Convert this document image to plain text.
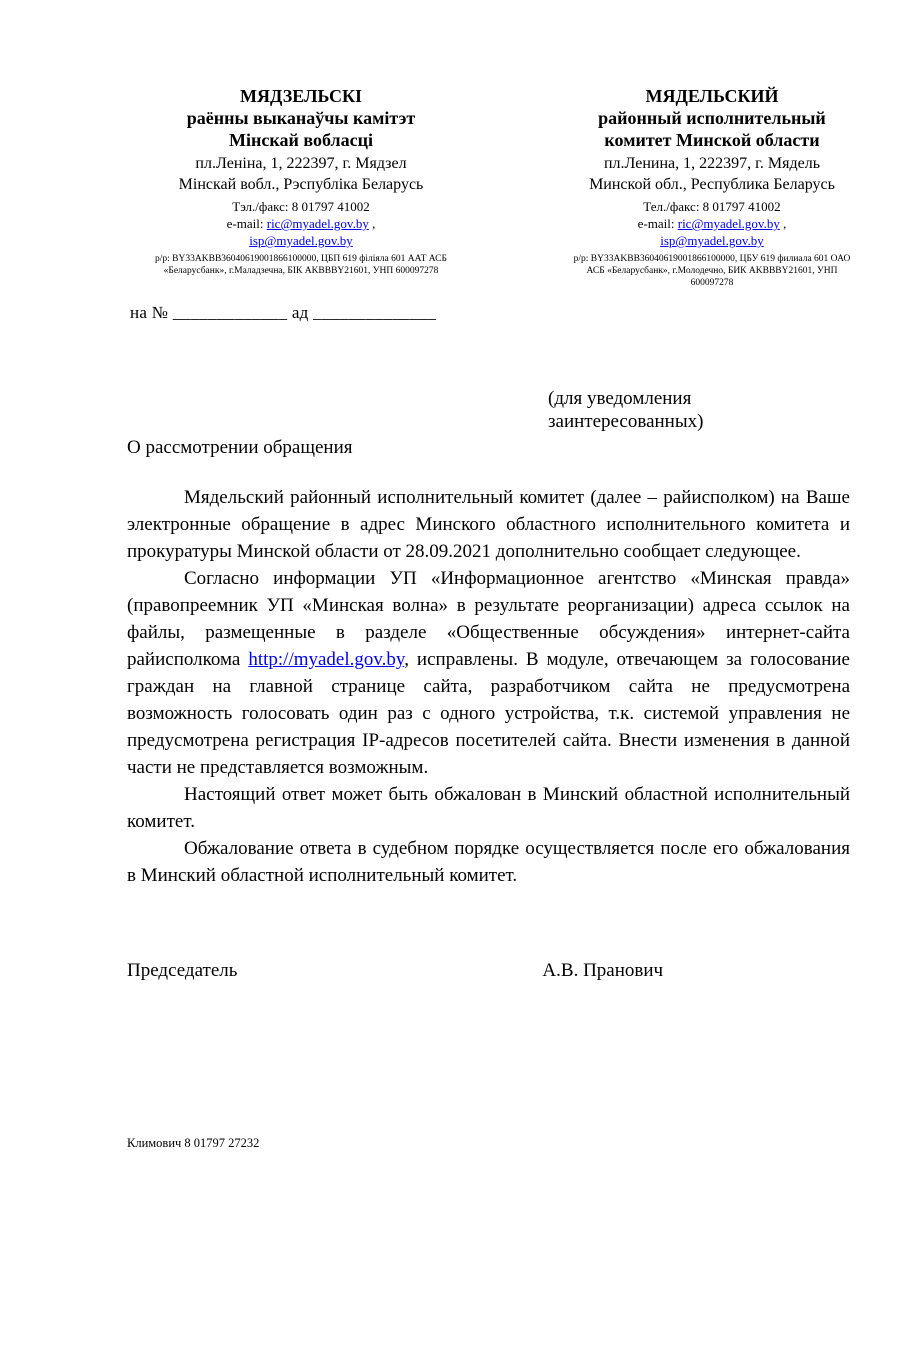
МЯДЗЕЛЬСКІ
раённы выканаўчы камітэт
Мінскай вобласці
пл.Леніна, 1, 222397, г. Мядзел
Мінскай вобл., Рэспубліка Беларусь
Тэл./факс: 8 01797 41002
e-mail: ric@myadel.gov.by ,
isp@myadel.gov.by
р/р: BY33AKBB36040619001866100000, ЦБП 619 філіяла 601 ААТ АСБ
«Беларусбанк», г.Маладзечна, БІК AKBBBY21601, УНП 600097278
МЯДЕЛЬСКИЙ
районный исполнительный
комитет Минской области
пл.Ленина, 1, 222397, г. Мядель
Минской обл., Республика Беларусь
Тел./факс: 8 01797 41002
e-mail: ric@myadel.gov.by ,
isp@myadel.gov.by
р/р: BY33AKBB36040619001866100000, ЦБУ 619 филиала 601 ОАО
АСБ «Беларусбанк», г.Молодечно, БИК AKBBBY21601, УНП
600097278
на № _____________ ад ______________
(для уведомления
заинтересованных)
О рассмотрении обращения

Мядельский районный исполнительный комитет (далее – райисполком) на Ваше электронные обращение в адрес Минского областного исполнительного комитета и прокуратуры Минской области от 28.09.2021 дополнительно сообщает следующее.

Согласно информации УП «Информационное агентство «Минская правда» (правопреемник УП «Минская волна» в результате реорганизации) адреса ссылок на файлы, размещенные в разделе «Общественные обсуждения» интернет-сайта райисполкома http://myadel.gov.by, исправлены. В модуле, отвечающем за голосование граждан на главной странице сайта, разработчиком сайта не предусмотрена возможность голосовать один раз с одного устройства, т.к. системой управления не предусмотрена регистрация IP-адресов посетителей сайта. Внести изменения в данной части не представляется возможным.

Настоящий ответ может быть обжалован в Минский областной исполнительный комитет.

Обжалование ответа в судебном порядке осуществляется после его обжалования в Минский областной исполнительный комитет.

Председатель	А.В. Пранович
Климович 8 01797 27232
